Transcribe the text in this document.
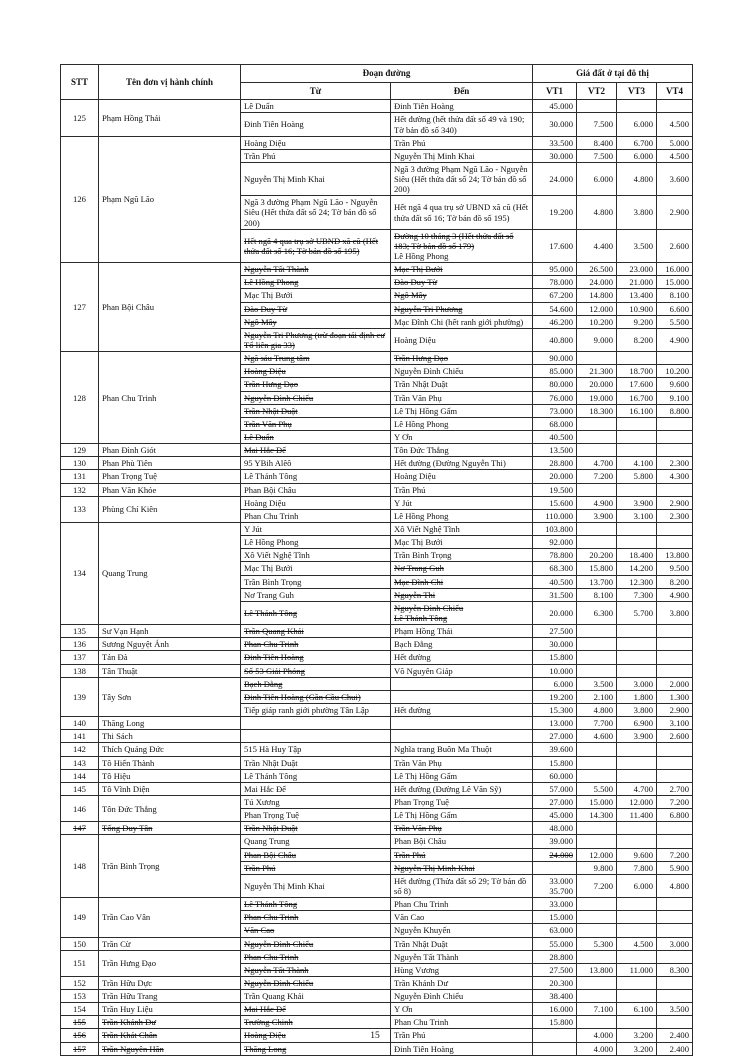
STT	Tên đơn vị hành chính	Đoạn đường		Giá đất ở tại đô thị			
		Từ	Đến	VT1	VT2	VT3	VT4
125	Phạm Hồng Thái	Lê Duẩn	Đinh Tiên Hoàng	45.000			
		Đinh Tiên Hoàng	Hết đường (hết thửa đất số 49 và 190; Tờ bản đồ số 340)	30.000	7.500	6.000	4.500
126	Phạm Ngũ Lão	Hoàng Diệu	Trần Phú	33.500	8.400	6.700	5.000
		Trần Phú	Nguyễn Thị Minh Khai	30.000	7.500	6.000	4.500
		Nguyễn Thị Minh Khai	Ngã 3 đường Phạm Ngũ Lão - Nguyễn Siêu (Hết thửa đất số 24; Tờ bản đồ số 200)	24.000	6.000	4.800	3.600
		Ngã 3 đường Phạm Ngũ Lão - Nguyễn Siêu (Hết thửa đất số 24; Tờ bản đồ số 200)	Hết ngã 4 qua trụ sở UBND xã cũ (Hết thửa đất số 16; Tờ bản đồ số 195)	19.200	4.800	3.800	2.900
		Hết ngã 4 qua trụ sở UBND xã cũ (Hết thửa đất số 16; Tờ bản đồ số 195)	Đường 10 tháng 3 (Hết thửa đất số 183; Tờ bản đồ số 179)
Lê Hồng Phong	17.600	4.400	3.500	2.600
127	Phan Bội Châu	Nguyễn Tất Thành	Mạc Thị Bưởi	95.000	26.500	23.000	16.000
		Lê Hồng Phong	Đào Duy Từ	78.000	24.000	21.000	15.000
		Mạc Thị Bưởi	Ngô Mây	67.200	14.800	13.400	8.100
		Đào Duy Từ	Nguyễn Tri Phương	54.600	12.000	10.900	6.600
		Ngô Mây	Mạc Đĩnh Chi (hết ranh giới phường)	46.200	10.200	9.200	5.500
		Nguyễn Tri Phương (trừ đoạn tái định cư Tổ liên gia 33)	Hoàng Diệu	40.800	9.000	8.200	4.900
128	Phan Chu Trinh	Ngã sáu Trung tâm	Trần Hưng Đạo	90.000			
		Hoàng Diệu	Nguyễn Đình Chiếu	85.000	21.300	18.700	10.200
		Trần Hưng Đạo	Trần Nhật Duật	80.000	20.000	17.600	9.600
		Nguyễn Đình Chiếu	Trần Văn Phụ	76.000	19.000	16.700	9.100
		Trần Nhật Duật	Lê Thị Hồng Gấm	73.000	18.300	16.100	8.800
		Trần Văn Phụ	Lê Hồng Phong	68.000			
		Lê Duẩn	Y Ơn	40.500			
129	Phan Đình Giót	Mai Hắc Đế	Tôn Đức Thắng	13.500			
130	Phan Phù Tiên	95 YBih Alêô	Hết đường (Đường Nguyễn Thi)	28.800	4.700	4.100	2.300
131	Phan Trọng Tuệ	Lê Thánh Tông	Hoàng Diệu	20.000	7.200	5.800	4.300
132	Phan Văn Khỏe	Phan Bội Châu	Trần Phú	19.500			
133	Phùng Chí Kiên	Hoàng Diệu	Y Jút	15.600	4.900	3.900	2.900
		Phan Chu Trinh	Lê Hồng Phong	110.000	3.900	3.100	2.300
134	Quang Trung	Y Jút	Xô Viết Nghệ Tĩnh	103.800			
		Lê Hồng Phong	Mạc Thị Bưởi	92.000			
		Xô Viết Nghệ Tĩnh	Trần Bình Trọng	78.800	20.200	18.400	13.800
		Mạc Thị Bưởi	Nơ Trang Guh	68.300	15.800	14.200	9.500
		Trần Bình Trọng	Mạc Đĩnh Chi	40.500	13.700	12.300	8.200
		Nơ Trang Guh	Nguyễn Thi	31.500	8.100	7.300	4.900
		Lê Thánh Tông	Nguyễn Đình Chiếu
Lê Thánh Tông	20.000	6.300	5.700	3.800
135	Sư Vạn Hạnh	Trần Quang Khải	Phạm Hồng Thái	27.500			
136	Sương Nguyệt Ánh	Phan Chu Trinh	Bạch Đằng	30.000			
137	Tản Đà	Đinh Tiên Hoàng	Hết đường	15.800			
138	Tân Thuật	Số 53 Giải Phóng	Võ Nguyên Giáp	10.000			
139	Tây Sơn	Bạch Đằng		6.000	3.500	3.000	2.000
		Đinh Tiên Hoàng (Gần Cầu Chui)		19.200	2.100	1.800	1.300
		Tiếp giáp ranh giới phường Tân Lập	Hết đường	15.300	4.800	3.800	2.900
140	Thăng Long			13.000	7.700	6.900	3.100
141	Thi Sách			27.000	4.600	3.900	2.600
142	Thích Quảng Đức	515 Hà Huy Tập	Nghĩa trang Buôn Ma Thuột	39.600			
143	Tô Hiến Thành	Trần Nhật Duật	Trần Văn Phụ	15.800			
144	Tô Hiệu	Lê Thánh Tông	Lê Thị Hồng Gấm	60.000			
145	Tô Vĩnh Diện	Mai Hắc Đế	Hết đường (Đường Lê Văn Sỹ)	57.000	5.500	4.700	2.700
146	Tôn Đức Thắng	Tú Xương	Phan Trọng Tuệ	27.000	15.000	12.000	7.200
		Phan Trọng Tuệ	Lê Thị Hồng Gấm	45.000	14.300	11.400	6.800
147	Tống Duy Tân	Trần Nhật Duật	Trần Văn Phụ	48.000			
148	Trần Bình Trọng	Quang Trung	Phan Bội Châu	39.000			
		Phan Bội Châu	Trần Phú	24.000	12.000	9.600	7.200
		Trần Phú	Nguyễn Thị Minh Khai		9.800	7.800	5.900
		Nguyễn Thị Minh Khai	Hết đường (Thửa đất số 29; Tờ bản đồ số 8)	33.000
35.700	7.200	6.000	4.800
149	Trần Cao Vân	Lê Thánh Tông	Phan Chu Trinh	33.000			
		Phan Chu Trinh	Văn Cao	15.000			
		Văn Cao	Nguyễn Khuyến	63.000			
150	Trần Cừ	Nguyễn Đình Chiếu	Trần Nhật Duật	55.000	5.300	4.500	3.000
151	Trần Hưng Đạo	Phan Chu Trinh	Nguyễn Tất Thành	28.800			
		Nguyễn Tất Thành	Hùng Vương	27.500	13.800	11.000	8.300
152	Trần Hữu Dực	Nguyễn Đình Chiếu	Trần Khánh Dư	20.300			
153	Trần Hữu Trang	Trần Quang Khải	Nguyễn Đình Chiểu	38.400			
154	Trần Huy Liệu	Mai Hắc Đế	Y Ơn	16.000	7.100	6.100	3.500
155	Trần Khánh Dư	Trường Chinh	Phan Chu Trinh	15.800			
156	Trần Khát Chân	Hoàng Diệu	Trần Phú		4.000	3.200	2.400
157	Trần Nguyên Hãn	Thăng Long	Đinh Tiên Hoàng		4.000	3.200	2.400
15
